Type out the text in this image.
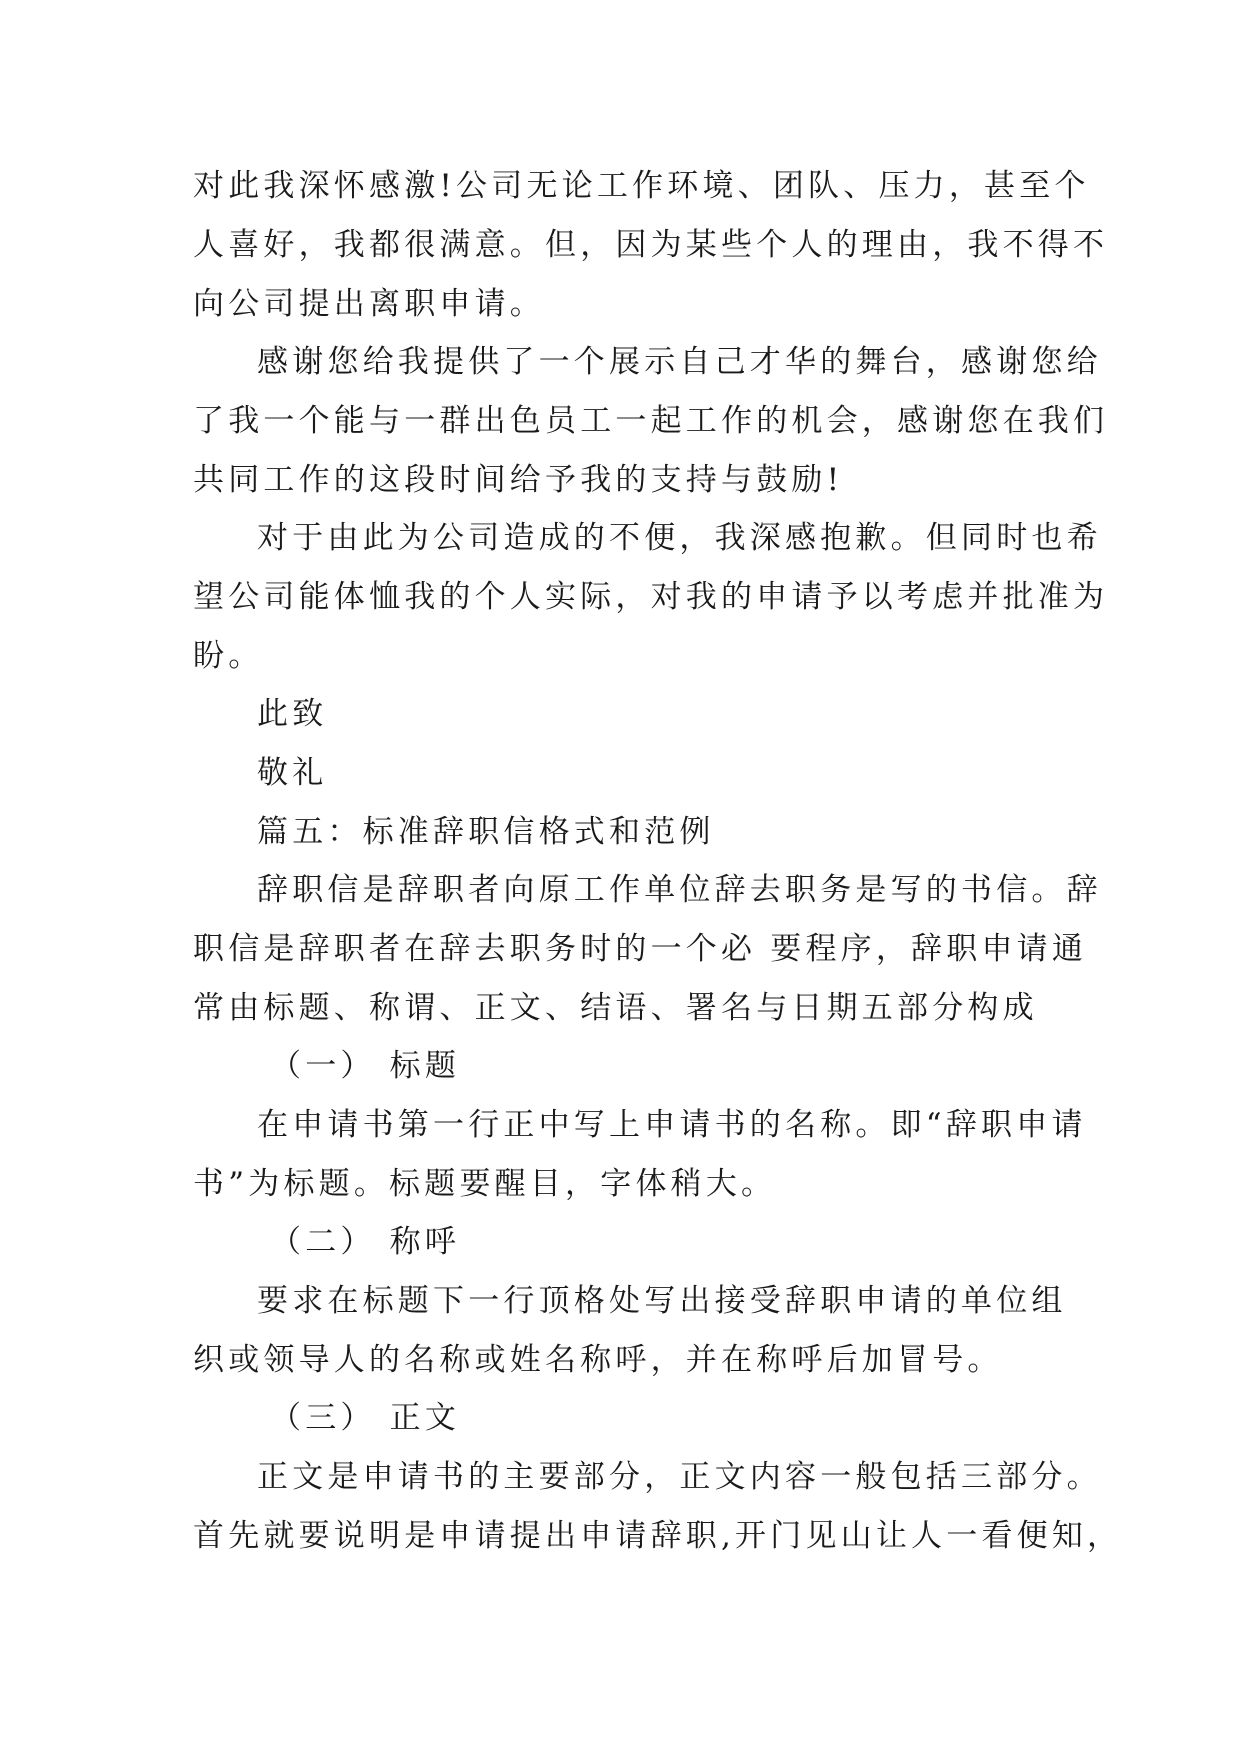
对此我深怀感激!公司无论工作环境、团队、压力，甚至个
人喜好，我都很满意。但，因为某些个人的理由，我不得不
向公司提出离职申请。
感谢您给我提供了一个展示自己才华的舞台，感谢您给
了我一个能与一群出色员工一起工作的机会，感谢您在我们
共同工作的这段时间给予我的支持与鼓励!
对于由此为公司造成的不便，我深感抱歉。但同时也希
望公司能体恤我的个人实际，对我的申请予以考虑并批准为
盼。
此致
敬礼
篇五：标准辞职信格式和范例
辞职信是辞职者向原工作单位辞去职务是写的书信。辞
职信是辞职者在辞去职务时的一个必 要程序，辞职申请通
常由标题、称谓、正文、结语、署名与日期五部分构成
（一） 标题
在申请书第一行正中写上申请书的名称。即“辞职申请
书”为标题。标题要醒目，字体稍大。
（二） 称呼
要求在标题下一行顶格处写出接受辞职申请的单位组
织或领导人的名称或姓名称呼，并在称呼后加冒号。
（三） 正文
正文是申请书的主要部分，正文内容一般包括三部分。
首先就要说明是申请提出申请辞职,开门见山让人一看便知，
